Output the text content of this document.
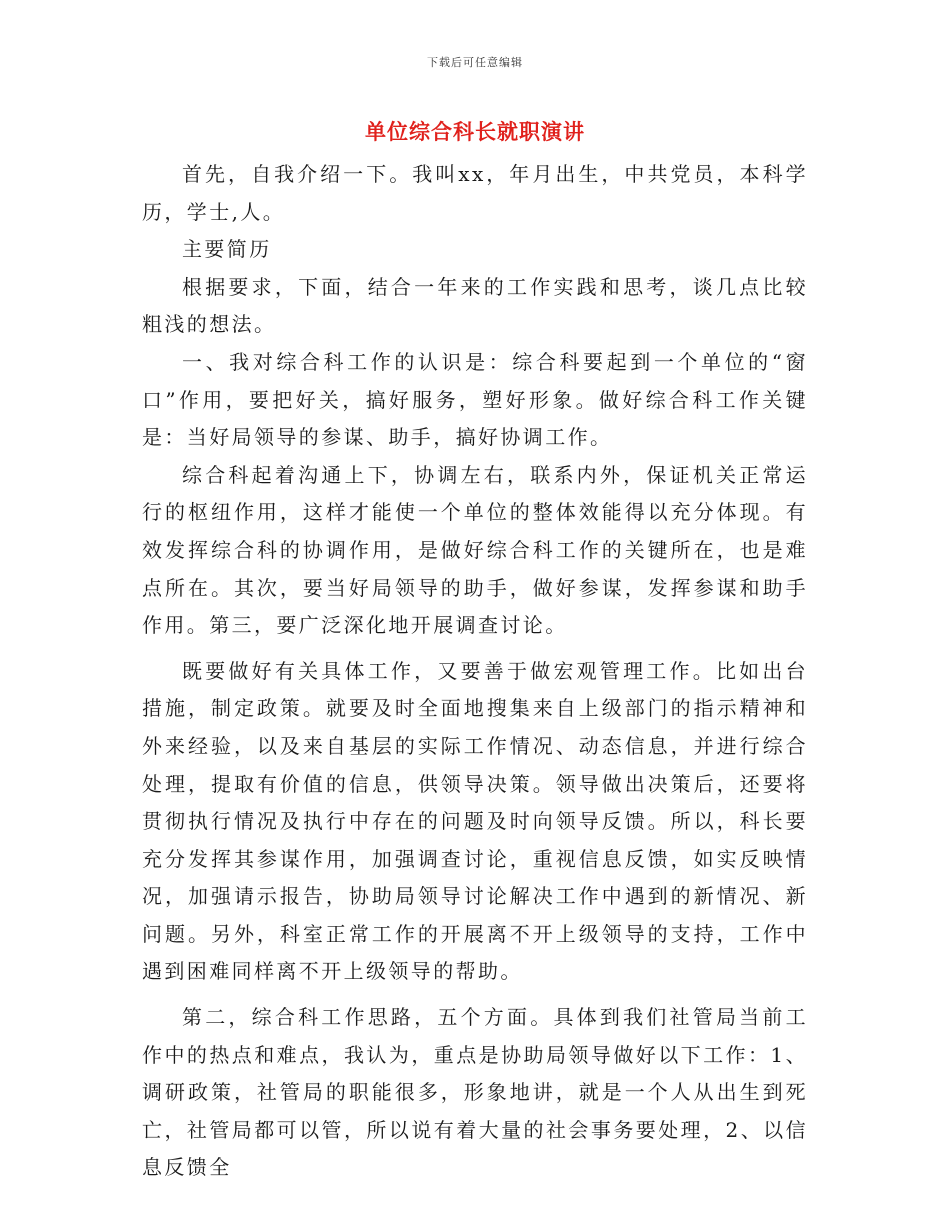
下载后可任意编辑
单位综合科长就职演讲

首先，自我介绍一下。我叫xx，年月出生，中共党员，本科学历，学士,人。

主要简历

根据要求，下面，结合一年来的工作实践和思考，谈几点比较粗浅的想法。

一、我对综合科工作的认识是：综合科要起到一个单位的“窗口”作用，要把好关，搞好服务，塑好形象。做好综合科工作关键是：当好局领导的参谋、助手，搞好协调工作。

综合科起着沟通上下，协调左右，联系内外，保证机关正常运行的枢纽作用，这样才能使一个单位的整体效能得以充分体现。有效发挥综合科的协调作用，是做好综合科工作的关键所在，也是难点所在。其次，要当好局领导的助手，做好参谋，发挥参谋和助手作用。第三，要广泛深化地开展调查讨论。

既要做好有关具体工作，又要善于做宏观管理工作。比如出台措施，制定政策。就要及时全面地搜集来自上级部门的指示精神和外来经验，以及来自基层的实际工作情况、动态信息，并进行综合处理，提取有价值的信息，供领导决策。领导做出决策后，还要将贯彻执行情况及执行中存在的问题及时向领导反馈。所以，科长要充分发挥其参谋作用，加强调查讨论，重视信息反馈，如实反映情况，加强请示报告，协助局领导讨论解决工作中遇到的新情况、新问题。另外，科室正常工作的开展离不开上级领导的支持，工作中遇到困难同样离不开上级领导的帮助。

第二，综合科工作思路，五个方面。具体到我们社管局当前工作中的热点和难点，我认为，重点是协助局领导做好以下工作：1、调研政策，社管局的职能很多，形象地讲，就是一个人从出生到死亡，社管局都可以管，所以说有着大量的社会事务要处理，2、以信息反馈全
